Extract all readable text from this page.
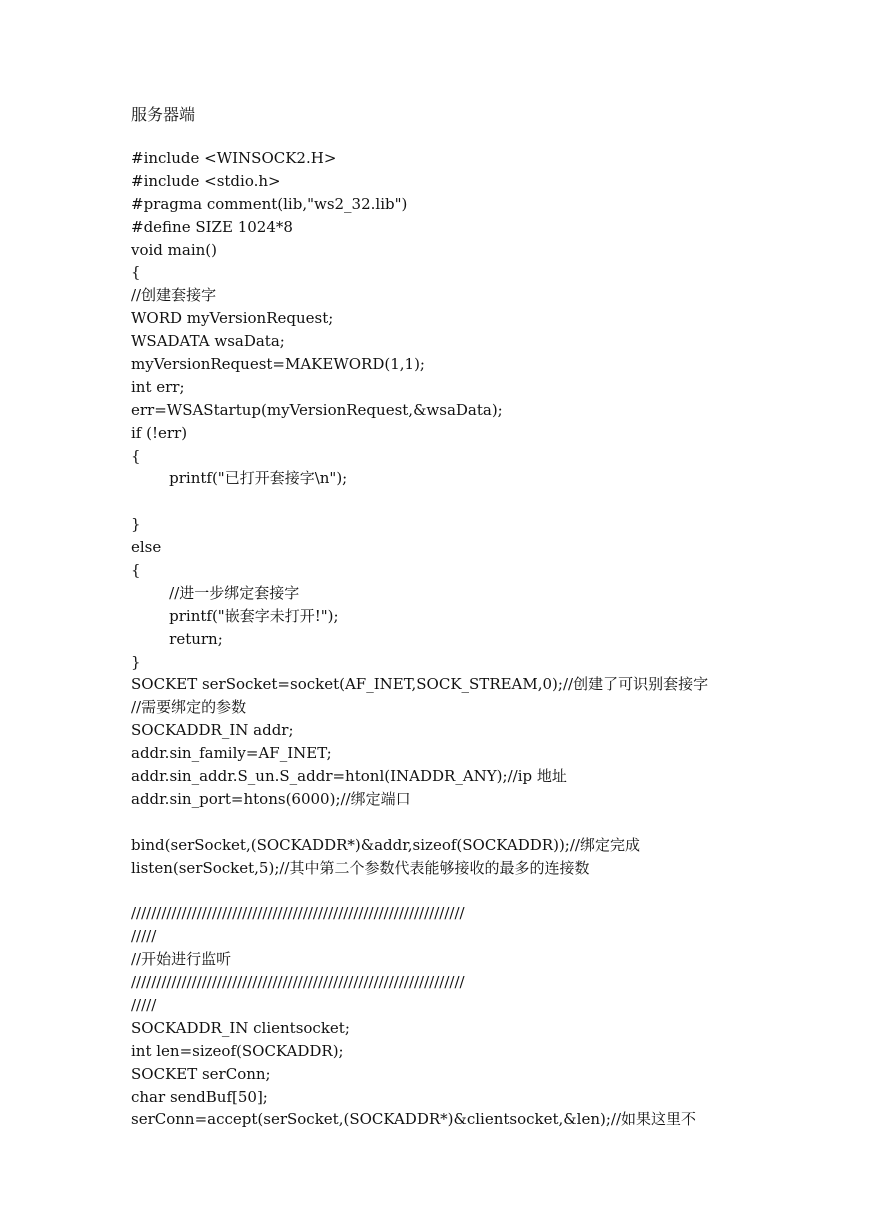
服务器端
#include <WINSOCK2.H>
#include <stdio.h>
#pragma comment(lib,"ws2_32.lib")
#define SIZE 1024*8
void main()
{
//创建套接字
WORD myVersionRequest;
WSADATA wsaData;
myVersionRequest=MAKEWORD(1,1);
int err;
err=WSAStartup(myVersionRequest,&wsaData);
if (!err)
{
printf("已打开套接字\n");
}
else
{
//进一步绑定套接字
printf("嵌套字未打开!");
return;
}
SOCKET serSocket=socket(AF_INET,SOCK_STREAM,0);//创建了可识别套接字
//需要绑定的参数
SOCKADDR_IN addr;
addr.sin_family=AF_INET;
addr.sin_addr.S_un.S_addr=htonl(INADDR_ANY);//ip 地址
addr.sin_port=htons(6000);//绑定端口
bind(serSocket,(SOCKADDR*)&addr,sizeof(SOCKADDR));//绑定完成
listen(serSocket,5);//其中第二个参数代表能够接收的最多的连接数
//////////////////////////////////////////////////////////////////
/////
//开始进行监听
//////////////////////////////////////////////////////////////////
/////
SOCKADDR_IN clientsocket;
int len=sizeof(SOCKADDR);
SOCKET serConn;
char sendBuf[50];
serConn=accept(serSocket,(SOCKADDR*)&clientsocket,&len);//如果这里不
